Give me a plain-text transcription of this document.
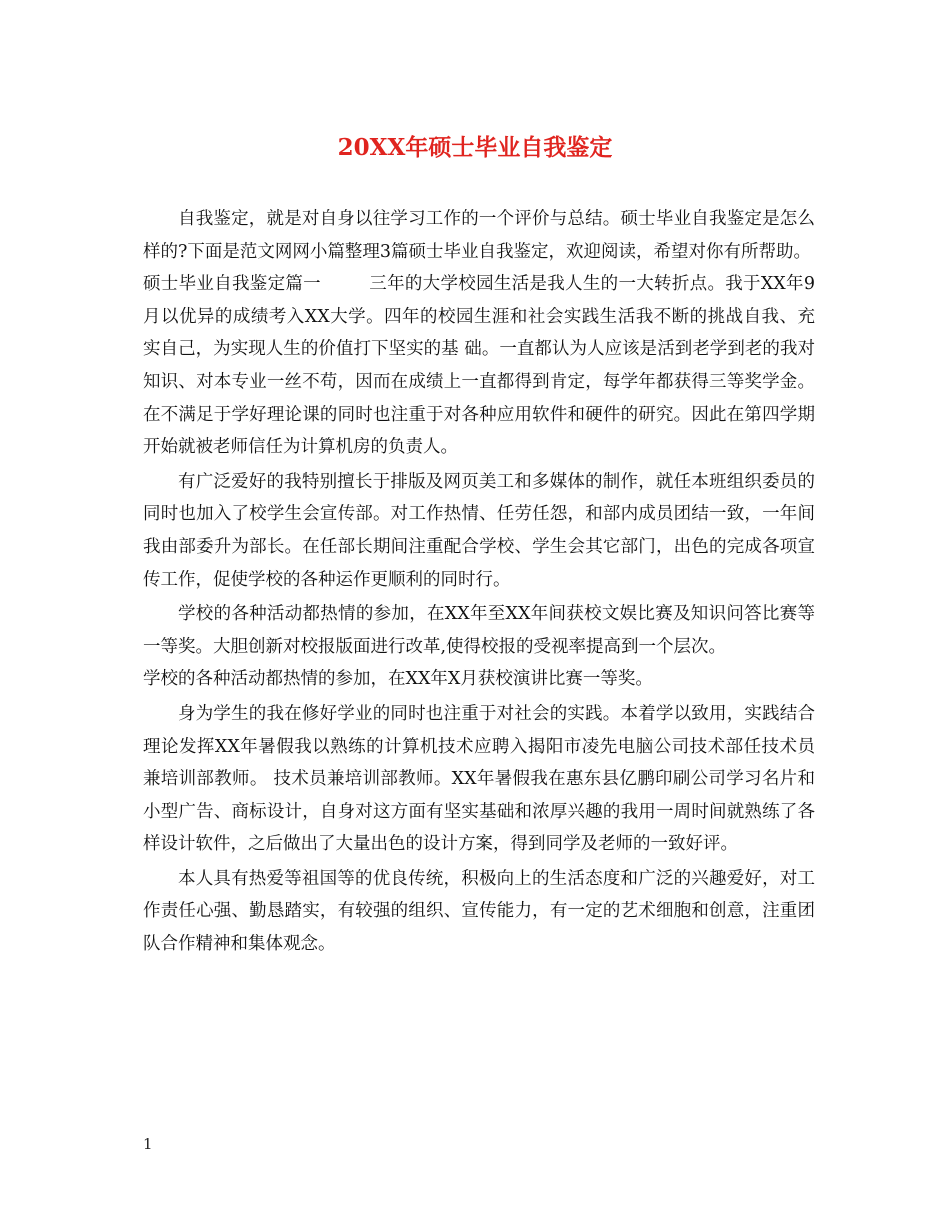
20XX年硕士毕业自我鉴定

自我鉴定，就是对自身以往学习工作的一个评价与总结。硕士毕业自我鉴定是怎么样的?下面是范文网网小篇整理3篇硕士毕业自我鉴定，欢迎阅读，希望对你有所帮助。

硕士毕业自我鉴定篇一	三年的大学校园生活是我人生的一大转折点。我于XX年9月以优异的成绩考入XX大学。四年的校园生涯和社会实践生活我不断的挑战自我、充实自己，为实现人生的价值打下坚实的基 础。一直都认为人应该是活到老学到老的我对知识、对本专业一丝不苟，因而在成绩上一直都得到肯定，每学年都获得三等奖学金。在不满足于学好理论课的同时也注重于对各种应用软件和硬件的研究。因此在第四学期开始就被老师信任为计算机房的负责人。

有广泛爱好的我特别擅长于排版及网页美工和多媒体的制作，就任本班组织委员的同时也加入了校学生会宣传部。对工作热情、任劳任怨，和部内成员团结一致，一年间我由部委升为部长。在任部长期间注重配合学校、学生会其它部门，出色的完成各项宣传工作，促使学校的各种运作更顺利的同时行。

学校的各种活动都热情的参加，在XX年至XX年间获校文娱比赛及知识问答比赛等一等奖。大胆创新对校报版面进行改革,使得校报的受视率提高到一个层次。

学校的各种活动都热情的参加，在XX年X月获校演讲比赛一等奖。

身为学生的我在修好学业的同时也注重于对社会的实践。本着学以致用，实践结合理论发挥XX年暑假我以熟练的计算机技术应聘入揭阳市凌先电脑公司技术部任技术员兼培训部教师。 技术员兼培训部教师。XX年暑假我在惠东县亿鹏印刷公司学习名片和小型广告、商标设计，自身对这方面有坚实基础和浓厚兴趣的我用一周时间就熟练了各样设计软件，之后做出了大量出色的设计方案，得到同学及老师的一致好评。

本人具有热爱等祖国等的优良传统，积极向上的生活态度和广泛的兴趣爱好，对工作责任心强、勤恳踏实，有较强的组织、宣传能力，有一定的艺术细胞和创意，注重团队合作精神和集体观念。

1
